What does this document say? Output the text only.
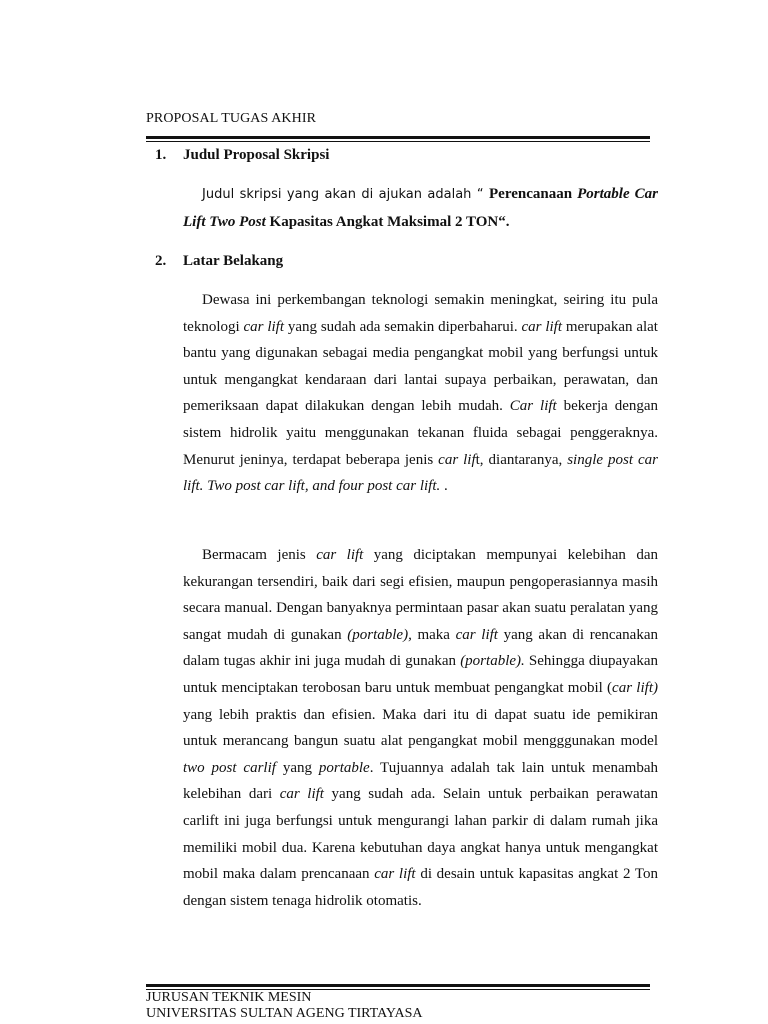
PROPOSAL TUGAS AKHIR
1. Judul Proposal Skripsi
Judul skripsi yang akan di ajukan adalah “ Perencanaan Portable Car Lift Two Post Kapasitas Angkat Maksimal 2 TON“.
2. Latar Belakang
Dewasa ini perkembangan teknologi semakin meningkat, seiring itu pula teknologi car lift yang sudah ada semakin diperbaharui. car lift merupakan alat bantu yang digunakan sebagai media pengangkat mobil yang berfungsi untuk untuk mengangkat kendaraan dari lantai supaya perbaikan, perawatan, dan pemeriksaan dapat dilakukan dengan lebih mudah. Car lift bekerja dengan sistem hidrolik yaitu menggunakan tekanan fluida sebagai penggeraknya. Menurut jeninya, terdapat beberapa jenis car lift, diantaranya, single post car lift. Two post car lift, and four post car lift. .
Bermacam jenis car lift yang diciptakan mempunyai kelebihan dan kekurangan tersendiri, baik dari segi efisien, maupun pengoperasiannya masih secara manual. Dengan banyaknya permintaan pasar akan suatu peralatan yang sangat mudah di gunakan (portable), maka car lift yang akan di rencanakan dalam tugas akhir ini juga mudah di gunakan (portable). Sehingga diupayakan untuk menciptakan terobosan baru untuk membuat pengangkat mobil (car lift) yang lebih praktis dan efisien. Maka dari itu di dapat suatu ide pemikiran untuk merancang bangun suatu alat pengangkat mobil mengggunakan model two post carlif yang portable. Tujuannya adalah tak lain untuk menambah kelebihan dari car lift yang sudah ada. Selain untuk perbaikan perawatan carlift ini juga berfungsi untuk mengurangi lahan parkir di dalam rumah jika memiliki mobil dua. Karena kebutuhan daya angkat hanya untuk mengangkat mobil maka dalam prencanaan car lift di desain untuk kapasitas angkat 2 Ton dengan sistem tenaga hidrolik otomatis.
JURUSAN TEKNIK MESIN
UNIVERSITAS SULTAN AGENG TIRTAYASA
